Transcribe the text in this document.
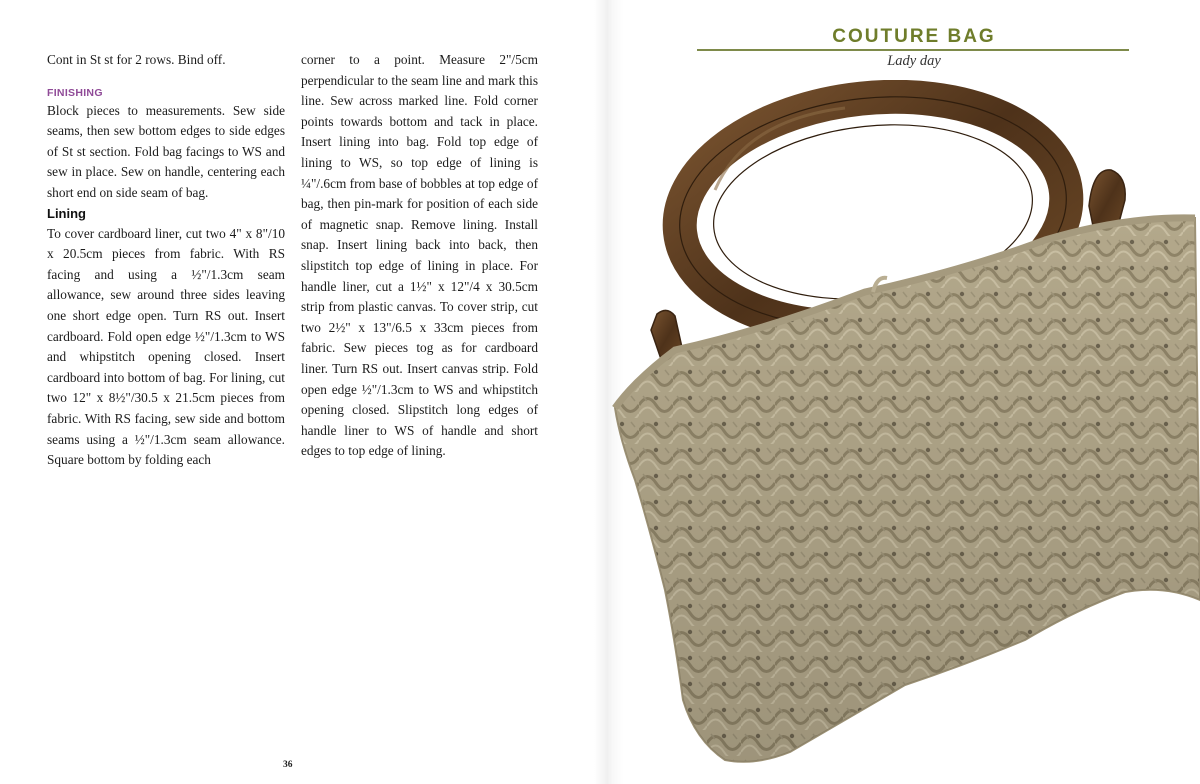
Cont in St st for 2 rows. Bind off.

FINISHING

Block pieces to measurements. Sew side seams, then sew bottom edges to side edges of St st section. Fold bag facings to WS and sew in place. Sew on handle, centering each short end on side seam of bag.

Lining

To cover cardboard liner, cut two 4" x 8"/10 x 20.5cm pieces from fabric. With RS facing and using a ½"/1.3cm seam allowance, sew around three sides leaving one short edge open. Turn RS out. Insert cardboard. Fold open edge ½"/1.3cm to WS and whipstitch opening closed. Insert cardboard into bottom of bag. For lining, cut two 12" x 8½"/30.5 x 21.5cm pieces from fabric. With RS facing, sew side and bottom seams using a ½"/1.3cm seam allowance. Square bottom by folding each

corner to a point. Measure 2"/5cm perpendicular to the seam line and mark this line. Sew across marked line. Fold corner points towards bottom and tack in place. Insert lining into bag. Fold top edge of lining to WS, so top edge of lining is ¼"/.6cm from base of bobbles at top edge of bag, then pin-mark for position of each side of magnetic snap. Remove lining. Install snap. Insert lining back into back, then slipstitch top edge of lining in place. For handle liner, cut a 1½" x 12"/4 x 30.5cm strip from plastic canvas. To cover strip, cut two 2½" x 13"/6.5 x 33cm pieces from fabric. Sew pieces tog as for cardboard liner. Turn RS out. Insert canvas strip. Fold open edge ½"/1.3cm to WS and whipstitch opening closed. Slipstitch long edges of handle liner to WS of handle and short edges to top edge of lining.

36
COUTURE BAG
Lady day
